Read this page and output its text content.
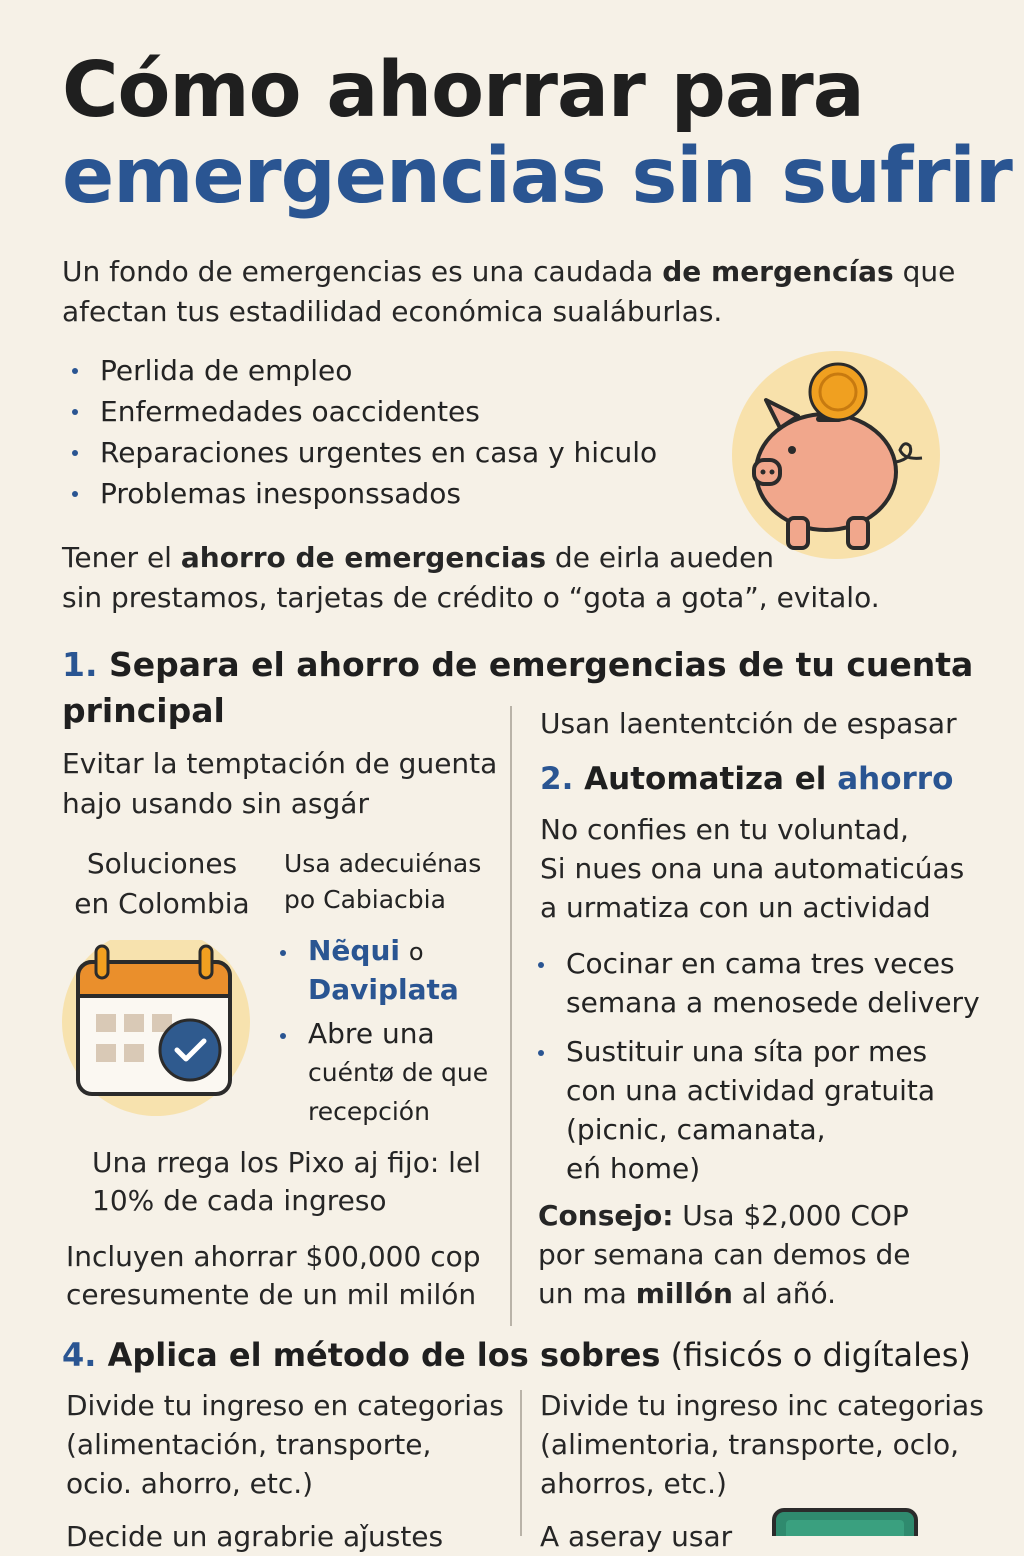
Cómo ahorrar para
emergencias sin sufrir
Un fondo de emergencias es una caudada de mergencías que
afectan tus estadilidad económica sualáburlas.
Perlida de empleo
Enfermedades oaccidentes
Reparaciones urgentes en casa y hiculo
Problemas inesponssados
Tener el ahorro de emergencias de eirla aueden
sin prestamos, tarjetas de crédito o “gota a gota”, evitalo.
1. Separa el ahorro de emergencias de tu cuenta
principal
Evitar la temptación de guenta
hajo usando sin asgár
Soluciones
en Colombia
Usa adecuiénas
po Cabiacbia
Nẽqui o
Daviplata
Abre una
cuéntø de que
recepción
Una rrega los Pixo aj fijo: lel
10% de cada ingreso
Incluyen ahorrar $00,000 cop
ceresumente de un mil milón
Usan laententción de espasar
2. Automatiza el ahorro
No confies en tu voluntad,
Si nues ona una automaticúas
a urmatiza con un actividad
Cocinar en cama tres veces
semana a menosede delivery
Sustituir una síta por mes
con una actividad gratuita
(picnic, camanata,
eń home)
Consejo: Usa $2,000 COP
por semana can demos de
un ma millón al añó.
4. Aplica el método de los sobres (fisicós o digítales)
Divide tu ingreso en categorias
(alimentación, transporte,
ocio. ahorro, etc.)
Decide un agrabrie aǰustes
Divide tu ingreso inc categorias
(alimentoria, transporte, oclo,
ahorros, etc.)
A aseray usar
